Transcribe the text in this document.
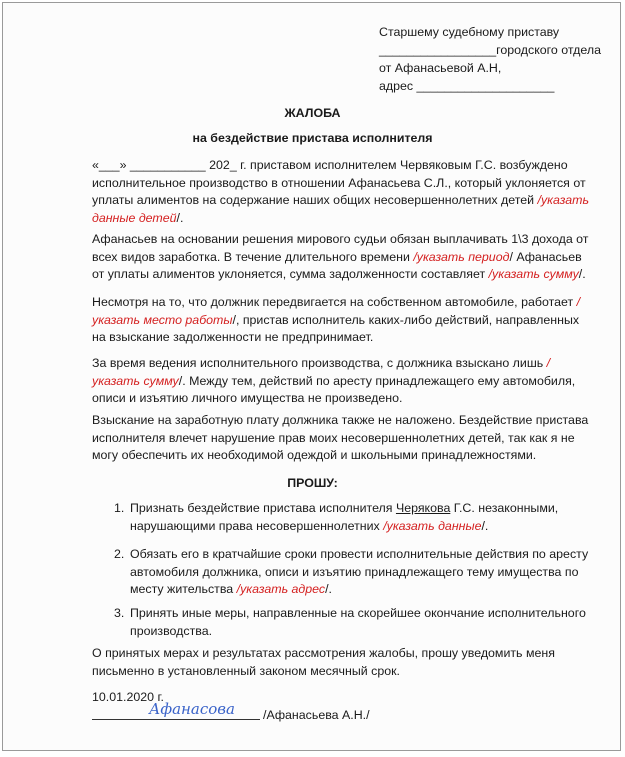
Старшему судебному приставу
_________________городского отдела
от Афанасьевой А.Н,
адрес ____________________
ЖАЛОБА
на бездействие пристава исполнителя

«___» ___________ 202_ г. приставом исполнителем Червяковым Г.С. возбуждено исполнительное производство в отношении Афанасьева С.Л., который уклоняется от уплаты алиментов на содержание наших общих несовершеннолетних детей /указать данные детей/.

Афанасьев на основании решения мирового судьи обязан выплачивать 1\3 дохода от всех видов заработка. В течение длительного времени /указать период/ Афанасьев от уплаты алиментов уклоняется, сумма задолженности составляет /указать сумму/.

Несмотря на то, что должник передвигается на собственном автомобиле, работает /указать место работы/, пристав исполнитель каких-либо действий, направленных на взыскание задолженности не предпринимает.

За время ведения исполнительного производства, с должника взыскано лишь /указать сумму/. Между тем, действий по аресту принадлежащего ему автомобиля, описи и изъятию личного имущества не произведено.

Взыскание на заработную плату должника также не наложено. Бездействие пристава исполнителя влечет нарушение прав моих несовершеннолетних детей, так как я не могу обеспечить их необходимой одеждой и школьными принадлежностями.

ПРОШУ:
1. Признать бездействие пристава исполнителя Черякова Г.С. незаконными, нарушающими права несовершеннолетних /указать данные/.
2. Обязать его в кратчайшие сроки провести исполнительные действия по аресту автомобиля должника, описи и изъятию принадлежащего тему имущества по месту жительства /указать адрес/.
3. Принять иные меры, направленные на скорейшее окончание исполнительного производства.

О принятых мерах и результатах рассмотрения жалобы, прошу уведомить меня письменно в установленный законом месячный срок.

10.01.2020 г.
Афанасова /Афанасьева А.Н./
